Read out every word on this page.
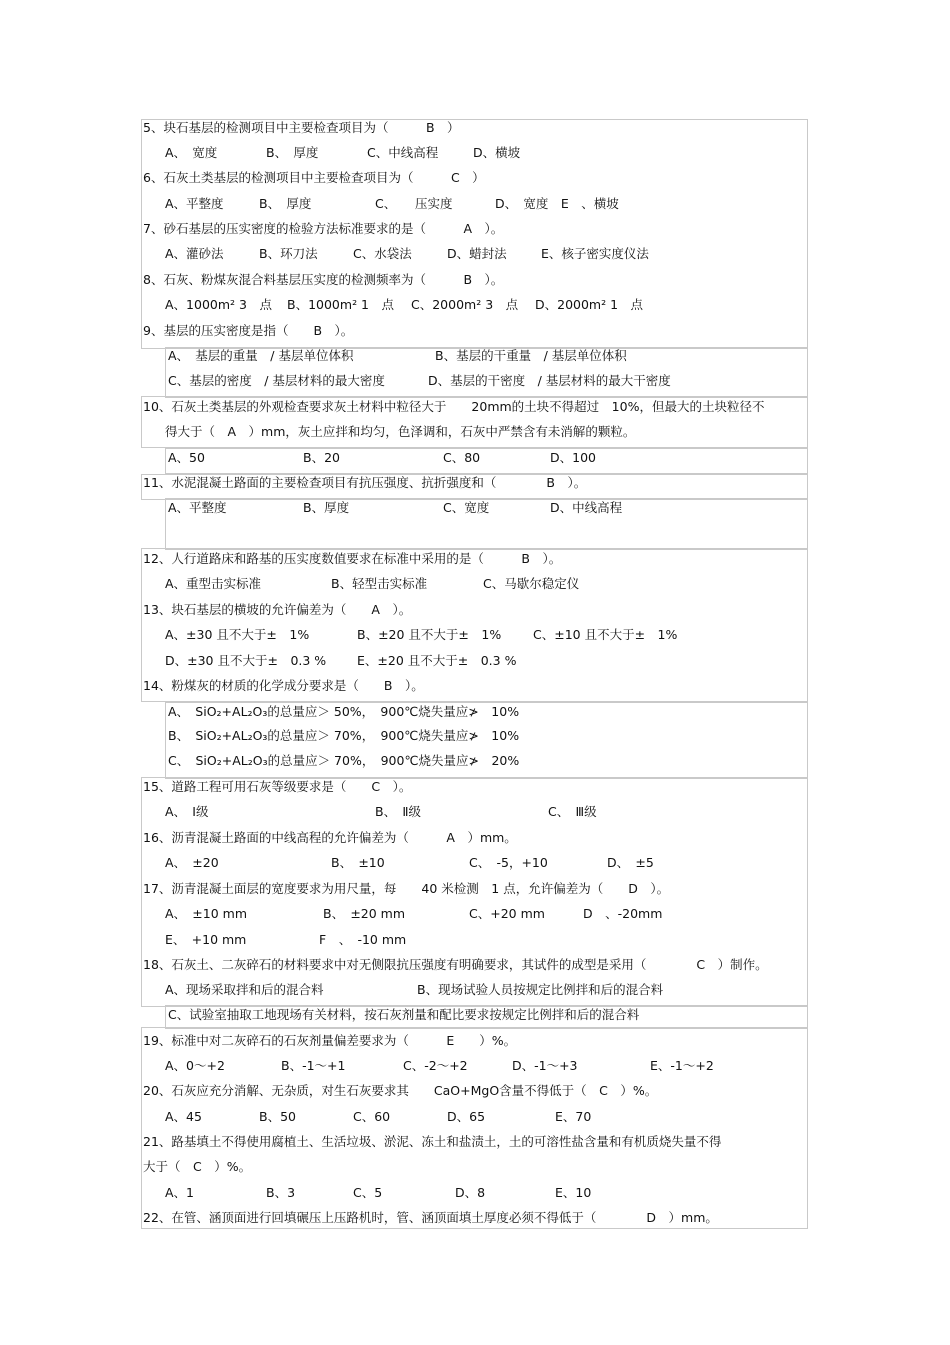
5、块石基层的检测项目中主要检查项目为（　　　B　）
A、　宽度	B、　厚度	C、中线高程	D、横坡
6、石灰土类基层的检测项目中主要检查项目为（　　　C　）
A、平整度	B、　厚度	C、　　压实度	D、　宽度　E　、横坡
7、砂石基层的压实密度的检验方法标准要求的是（　　　A　）。
A、灌砂法	B、环刀法	C、水袋法	D、蜡封法	E、核子密实度仪法
8、石灰、粉煤灰混合料基层压实度的检测频率为（　　　B　）。
A、1000m² 3　点 B、1000m² 1　点 C、2000m² 3　点 D、2000m² 1　点
9、基层的压实密度是指（　　B　）。
A、　基层的重量　/ 基层单位体积	B、基层的干重量　/ 基层单位体积
C、基层的密度　/ 基层材料的最大密度	D、基层的干密度　/ 基层材料的最大干密度
10、石灰土类基层的外观检查要求灰土材料中粒径大于　　20mm的土块不得超过　10%，但最大的土块粒径不
得大于（　A　）mm，灰土应拌和均匀，色泽调和，石灰中严禁含有未消解的颗粒。
A、50	B、20	C、80	D、100
11、水泥混凝土路面的主要检查项目有抗压强度、抗折强度和（　　　　B　）。
A、平整度	B、厚度	C、宽度	D、中线高程
12、人行道路床和路基的压实度数值要求在标准中采用的是（　　　B　）。
A、重型击实标准	B、轻型击实标准	C、马歇尔稳定仪
13、块石基层的横坡的允许偏差为（　　A　）。
A、±30 且不大于±　1%	B、±20 且不大于±　1%	C、±10 且不大于±　1%
D、±30 且不大于±　0.3 % E、±20 且不大于±　0.3 %
14、粉煤灰的材质的化学成分要求是（　　B　）。
A、　SiO₂+AL₂O₃的总量应＞ 50%，　900℃烧失量应≯　10%
B、　SiO₂+AL₂O₃的总量应＞ 70%，　900℃烧失量应≯　10%
C、　SiO₂+AL₂O₃的总量应＞ 70%，　900℃烧失量应≯　20%
15、道路工程可用石灰等级要求是（　　C　）。
A、　Ⅰ级	B、　Ⅱ级	C、　Ⅲ级
16、沥青混凝土路面的中线高程的允许偏差为（　　　A　）mm。
A、　±20	B、　±10	C、　-5，+10	D、　±5
17、沥青混凝土面层的宽度要求为用尺量，每　　40 米检测　1 点，允许偏差为（　　D　）。
A、　±10 mm	B、　±20 mm	C、+20 mm	D　、-20mm
E、　+10 mm	F　、　-10 mm
18、石灰土、二灰碎石的材料要求中对无侧限抗压强度有明确要求，其试件的成型是采用（　　　　C　）制作。
A、现场采取拌和后的混合料	B、现场试验人员按规定比例拌和后的混合料
C、试验室抽取工地现场有关材料，按石灰剂量和配比要求按规定比例拌和后的混合料
19、标准中对二灰碎石的石灰剂量偏差要求为（　　　E　　）%。
A、0～+2	B、-1～+1	C、-2～+2	D、-1～+3	E、-1～+2
20、石灰应充分消解、无杂质，对生石灰要求其　　CaO+MgO含量不得低于（　C　）%。
A、45	B、50	C、60	D、65	E、70
21、路基填土不得使用腐植土、生活垃圾、淤泥、冻土和盐渍土，土的可溶性盐含量和有机质烧失量不得
大于（　C　）%。
A、1	B、3	C、5	D、8	E、10
22、在管、涵顶面进行回填碾压上压路机时，管、涵顶面填土厚度必须不得低于（　　　　D　）mm。
